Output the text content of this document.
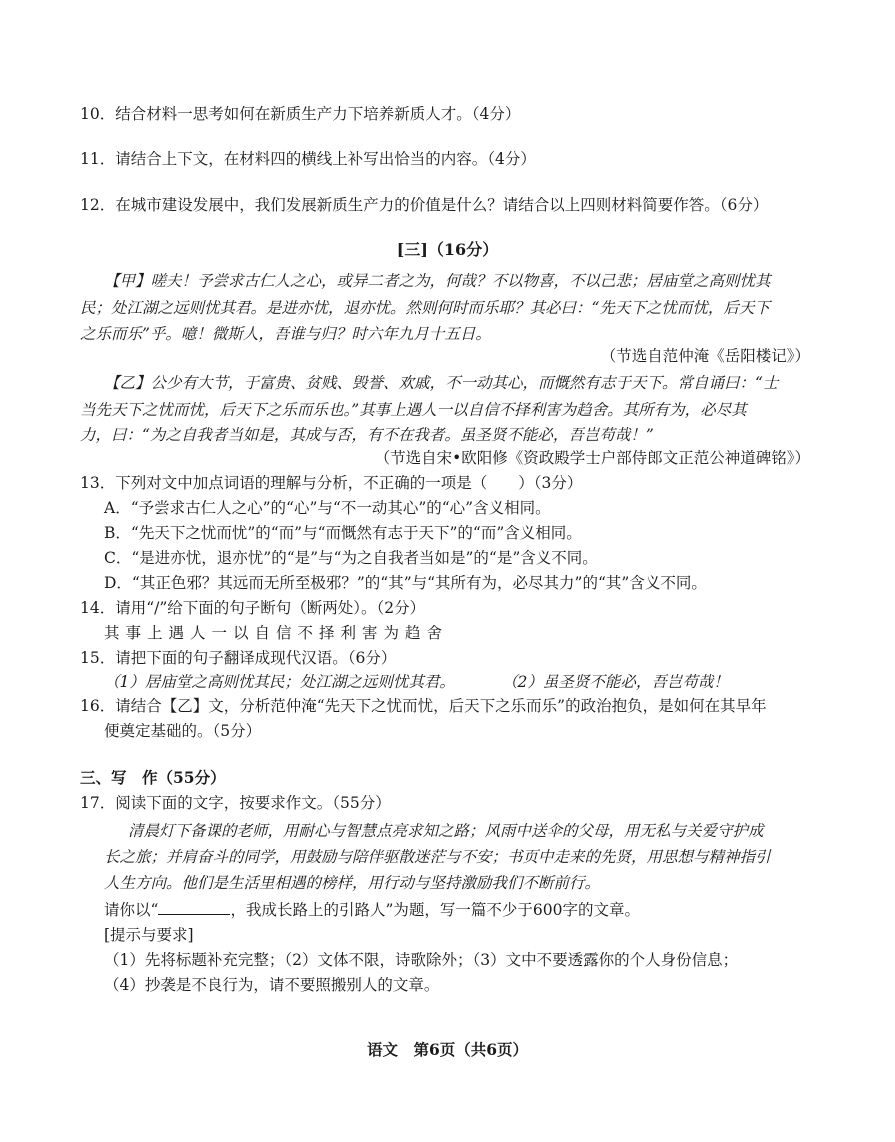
10．结合材料一思考如何在新质生产力下培养新质人才。（4分）
11．请结合上下文，在材料四的横线上补写出恰当的内容。（4分）
12．在城市建设发展中，我们发展新质生产力的价值是什么？请结合以上四则材料简要作答。（6分）
[三]（16分）
【甲】嗟夫！予尝求古仁人之心，或异二者之为，何哉？不以物喜，不以己悲；居庙堂之高则忧其
民；处江湖之远则忧其君。是进亦忧，退亦忧。然则何时而乐耶？其必曰：“先天下之忧而忧，后天下
之乐而乐”乎。噫！微斯人，吾谁与归？时六年九月十五日。
（节选自范仲淹《岳阳楼记》）
【乙】公少有大节，于富贵、贫贱、毁誉、欢戚，不一动其心，而慨然有志于天下。常自诵曰：“士
当先天下之忧而忧，后天下之乐而乐也。”其事上遇人一以自信不择利害为趋舍。其所有为，必尽其
力，曰：“为之自我者当如是，其成与否，有不在我者。虽圣贤不能必，吾岂苟哉！”
（节选自宋•欧阳修《资政殿学士户部侍郎文正范公神道碑铭》）
13．下列对文中加点词语的理解与分析，不正确的一项是（　　）（3分）
A．“予尝求古仁人之心”的“心”与“不一动其心”的“心”含义相同。
B．“先天下之忧而忧”的“而”与“而慨然有志于天下”的“而”含义相同。
C．“是进亦忧，退亦忧”的“是”与“为之自我者当如是”的“是”含义不同。
D．“其正色邪？其远而无所至极邪？”的“其”与“其所有为，必尽其力”的“其”含义不同。
14．请用“/”给下面的句子断句（断两处）。（2分）
其事上遇人一以自信不择利害为趋舍
15．请把下面的句子翻译成现代汉语。（6分）
（1）居庙堂之高则忧其民；处江湖之远则忧其君。	（2）虽圣贤不能必，吾岂苟哉！
16．请结合【乙】文，分析范仲淹“先天下之忧而忧，后天下之乐而乐”的政治抱负，是如何在其早年
便奠定基础的。（5分）
三、写　作（55分）
17．阅读下面的文字，按要求作文。（55分）
清晨灯下备课的老师，用耐心与智慧点亮求知之路；风雨中送伞的父母，用无私与关爱守护成
长之旅；并肩奋斗的同学，用鼓励与陪伴驱散迷茫与不安；书页中走来的先贤，用思想与精神指引
人生方向。他们是生活里相遇的榜样，用行动与坚持激励我们不断前行。
请你以“	，我成长路上的引路人”为题，写一篇不少于600字的文章。
[提示与要求]
（1）先将标题补充完整；（2）文体不限，诗歌除外；（3）文中不要透露你的个人身份信息；
（4）抄袭是不良行为，请不要照搬别人的文章。
语文　第6页（共6页）
